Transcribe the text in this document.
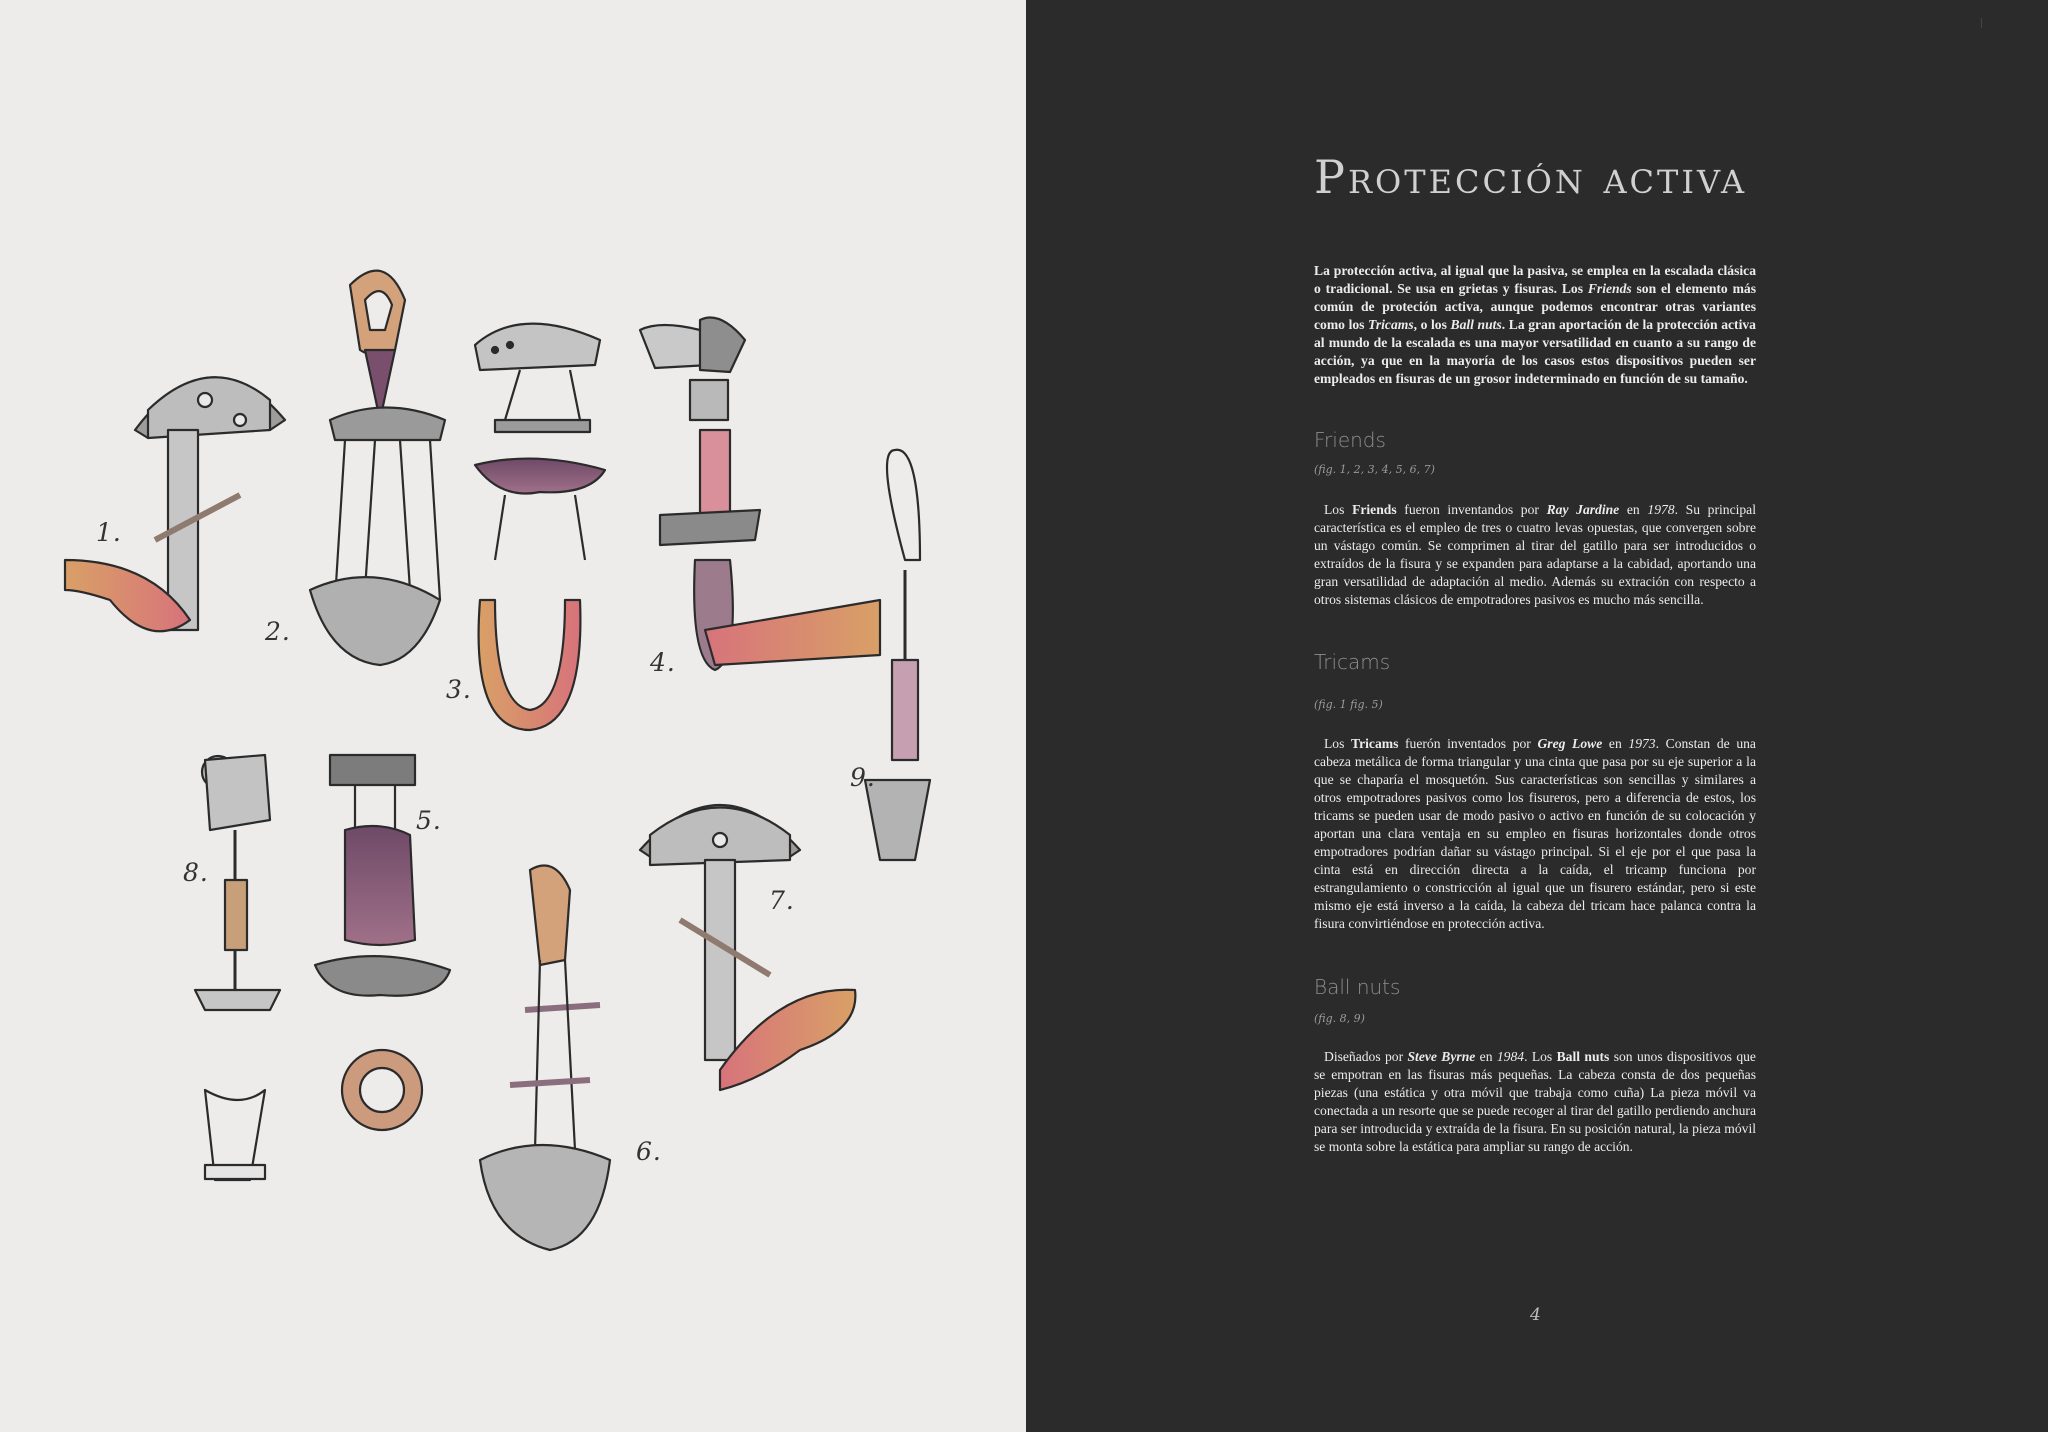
1.
2.
3.
4.
5.
6.
7.
8.
9.
Protección activa
La protección activa, al igual que la pasiva, se emplea en la escalada clásica o tradicional. Se usa en grietas y fisuras. Los Friends son el elemento más común de proteción activa, aunque podemos encontrar otras variantes como los Tricams, o los Ball nuts. La gran aportación de la protección activa al mundo de la escalada es una mayor versatilidad en cuanto a su rango de acción, ya que en la mayoría de los casos estos dispositivos pueden ser empleados en fisuras de un grosor indeterminado en función de su tamaño.
Friends
(fig. 1, 2, 3, 4, 5, 6, 7)

Los Friends fueron inventandos por Ray Jardine en 1978. Su principal característica es el empleo de tres o cuatro levas opuestas, que convergen sobre un vástago común. Se comprimen al tirar del gatillo para ser introducidos o extraídos de la fisura y se expanden para adaptarse a la cabidad, aportando una gran versatilidad de adaptación al medio. Además su extración con respecto a otros sistemas clásicos de empotradores pasivos es mucho más sencilla.

Tricams
(fig. 1 fig. 5)

Los Tricams fuerón inventados por Greg Lowe en 1973. Constan de una cabeza metálica de forma triangular y una cinta que pasa por su eje superior a la que se chaparía el mosquetón. Sus características son sencillas y similares a otros empotradores pasivos como los fisureros, pero a diferencia de estos, los tricams se pueden usar de modo pasivo o activo en función de su colocación y aportan una clara ventaja en su empleo en fisuras horizontales donde otros empotradores podrían dañar su vástago principal. Si el eje por el que pasa la cinta está en dirección directa a la caída, el tricamp funciona por estrangulamiento o constricción al igual que un fisurero estándar, pero si este mismo eje está inverso a la caída, la cabeza del tricam hace palanca contra la fisura convirtiéndose en protección activa.

Ball nuts
(fig. 8, 9)

Diseñados por Steve Byrne en 1984. Los Ball nuts son unos dispositivos que se empotran en las fisuras más pequeñas. La cabeza consta de dos pequeñas piezas (una estática y otra móvil que trabaja como cuña) La pieza móvil va conectada a un resorte que se puede recoger al tirar del gatillo perdiendo anchura para ser introducida y extraída de la fisura. En su posición natural, la pieza móvil se monta sobre la estática para ampliar su rango de acción.

4
